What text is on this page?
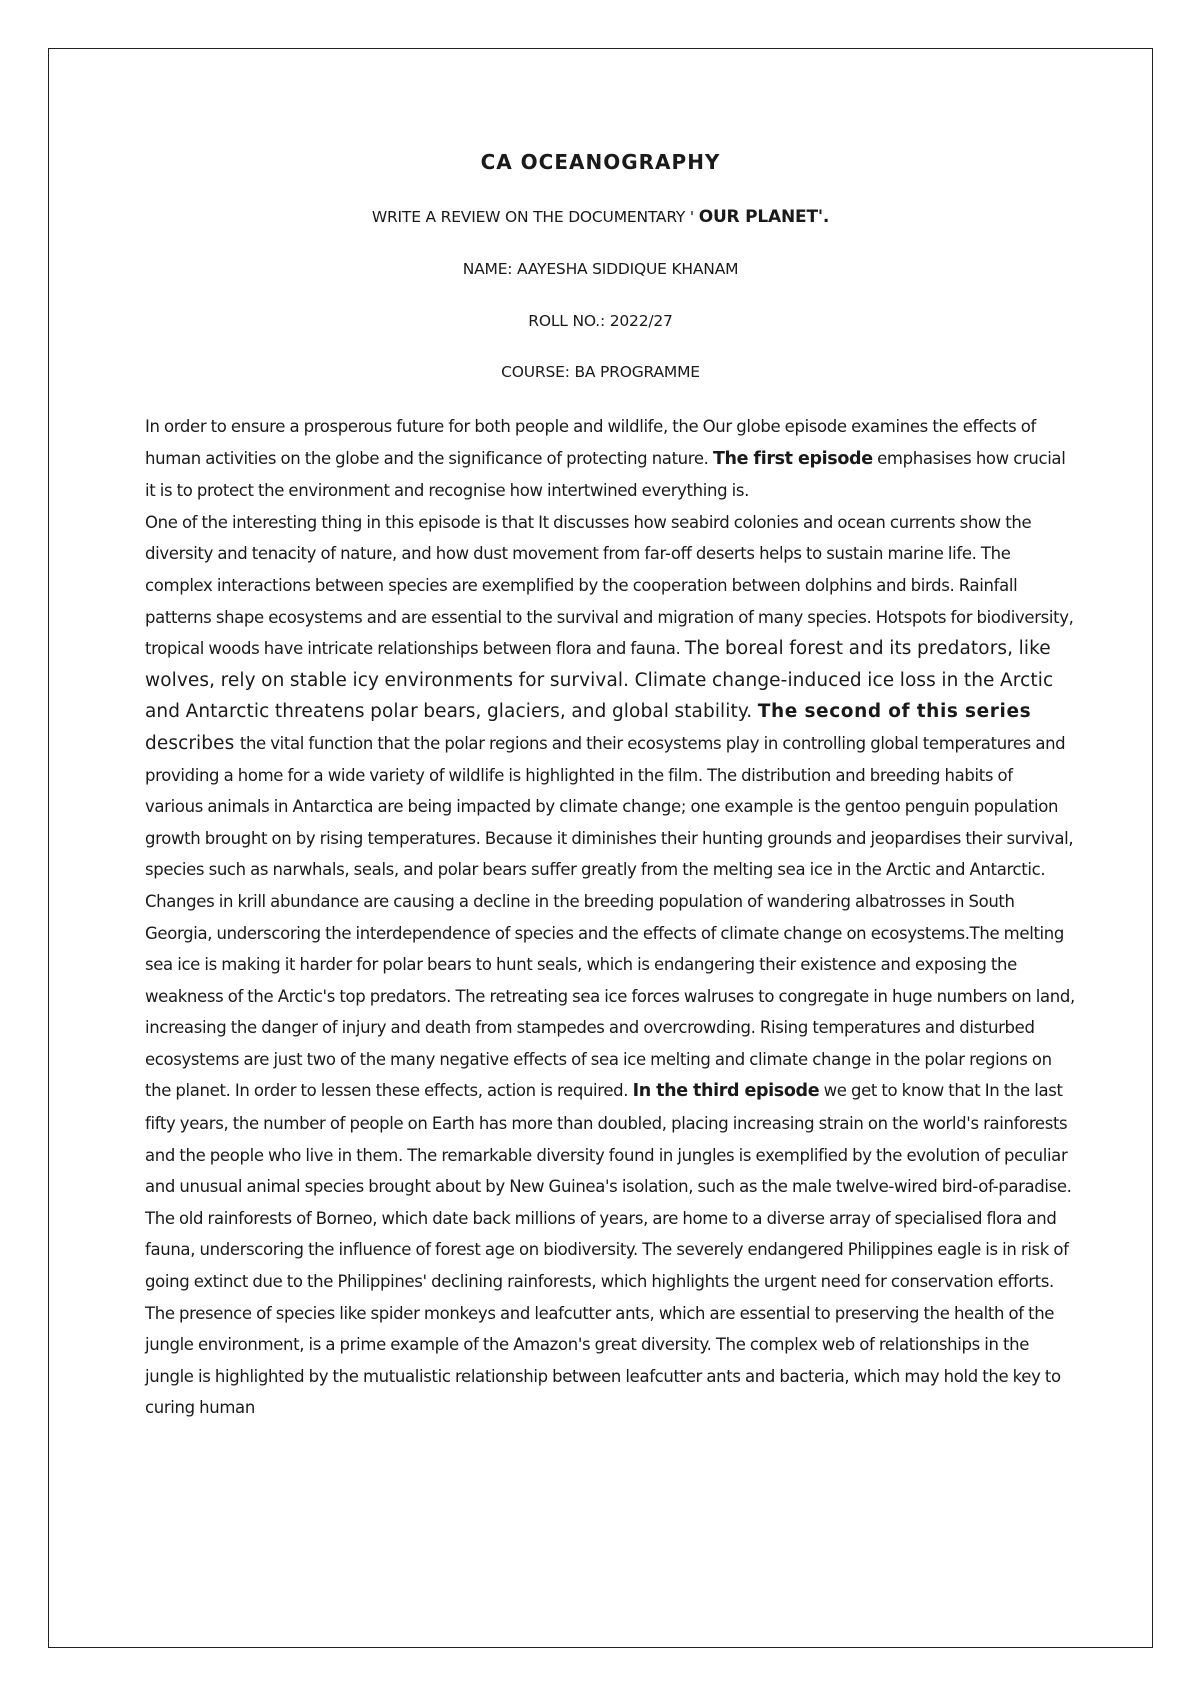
CA OCEANOGRAPHY
WRITE A REVIEW ON THE DOCUMENTARY ' OUR PLANET'.
NAME: AAYESHA SIDDIQUE KHANAM
ROLL NO.: 2022/27
COURSE: BA PROGRAMME

In order to ensure a prosperous future for both people and wildlife, the Our globe episode examines the effects of human activities on the globe and the significance of protecting nature. The first episode emphasises how crucial it is to protect the environment and recognise how intertwined everything is.

One of the interesting thing in this episode is that It discusses how seabird colonies and ocean currents show the diversity and tenacity of nature, and how dust movement from far-off deserts helps to sustain marine life. The complex interactions between species are exemplified by the cooperation between dolphins and birds. Rainfall patterns shape ecosystems and are essential to the survival and migration of many species. Hotspots for biodiversity, tropical woods have intricate relationships between flora and fauna. The boreal forest and its predators, like wolves, rely on stable icy environments for survival. Climate change-induced ice loss in the Arctic and Antarctic threatens polar bears, glaciers, and global stability. The second of this series describes the vital function that the polar regions and their ecosystems play in controlling global temperatures and providing a home for a wide variety of wildlife is highlighted in the film. The distribution and breeding habits of various animals in Antarctica are being impacted by climate change; one example is the gentoo penguin population growth brought on by rising temperatures. Because it diminishes their hunting grounds and jeopardises their survival, species such as narwhals, seals, and polar bears suffer greatly from the melting sea ice in the Arctic and Antarctic. Changes in krill abundance are causing a decline in the breeding population of wandering albatrosses in South Georgia, underscoring the interdependence of species and the effects of climate change on ecosystems.The melting sea ice is making it harder for polar bears to hunt seals, which is endangering their existence and exposing the weakness of the Arctic's top predators. The retreating sea ice forces walruses to congregate in huge numbers on land, increasing the danger of injury and death from stampedes and overcrowding. Rising temperatures and disturbed ecosystems are just two of the many negative effects of sea ice melting and climate change in the polar regions on the planet. In order to lessen these effects, action is required. In the third episode we get to know that In the last fifty years, the number of people on Earth has more than doubled, placing increasing strain on the world's rainforests and the people who live in them. The remarkable diversity found in jungles is exemplified by the evolution of peculiar and unusual animal species brought about by New Guinea's isolation, such as the male twelve-wired bird-of-paradise. The old rainforests of Borneo, which date back millions of years, are home to a diverse array of specialised flora and fauna, underscoring the influence of forest age on biodiversity. The severely endangered Philippines eagle is in risk of going extinct due to the Philippines' declining rainforests, which highlights the urgent need for conservation efforts. The presence of species like spider monkeys and leafcutter ants, which are essential to preserving the health of the jungle environment, is a prime example of the Amazon's great diversity. The complex web of relationships in the jungle is highlighted by the mutualistic relationship between leafcutter ants and bacteria, which may hold the key to curing human
